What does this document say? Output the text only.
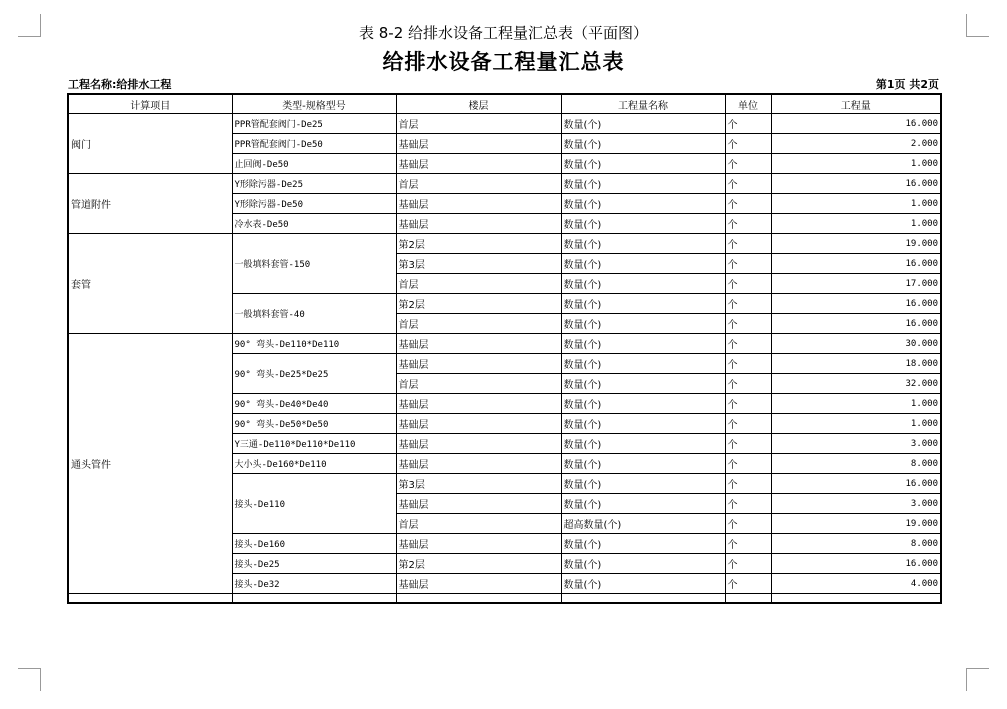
表 8-2 给排水设备工程量汇总表（平面图）
给排水设备工程量汇总表
工程名称:给排水工程	第1页 共2页
计算项目	类型-规格型号	楼层	工程量名称	单位	工程量
阀门	PPR管配套阀门-De25	首层	数量(个)	个	16.000
	PPR管配套阀门-De50	基础层	数量(个)	个	2.000
	止回阀-De50	基础层	数量(个)	个	1.000
管道附件	Y形除污器-De25	首层	数量(个)	个	16.000
	Y形除污器-De50	基础层	数量(个)	个	1.000
	冷水表-De50	基础层	数量(个)	个	1.000
套管	一般填料套管-150	第2层	数量(个)	个	19.000
		第3层	数量(个)	个	16.000
		首层	数量(个)	个	17.000
	一般填料套管-40	第2层	数量(个)	个	16.000
		首层	数量(个)	个	16.000
通头管件	90° 弯头-De110*De110	基础层	数量(个)	个	30.000
	90° 弯头-De25*De25	基础层	数量(个)	个	18.000
		首层	数量(个)	个	32.000
	90° 弯头-De40*De40	基础层	数量(个)	个	1.000
	90° 弯头-De50*De50	基础层	数量(个)	个	1.000
	Y三通-De110*De110*De110	基础层	数量(个)	个	3.000
	大小头-De160*De110	基础层	数量(个)	个	8.000
	接头-De110	第3层	数量(个)	个	16.000
		基础层	数量(个)	个	3.000
		首层	超高数量(个)	个	19.000
	接头-De160	基础层	数量(个)	个	8.000
	接头-De25	第2层	数量(个)	个	16.000
	接头-De32	基础层	数量(个)	个	4.000
